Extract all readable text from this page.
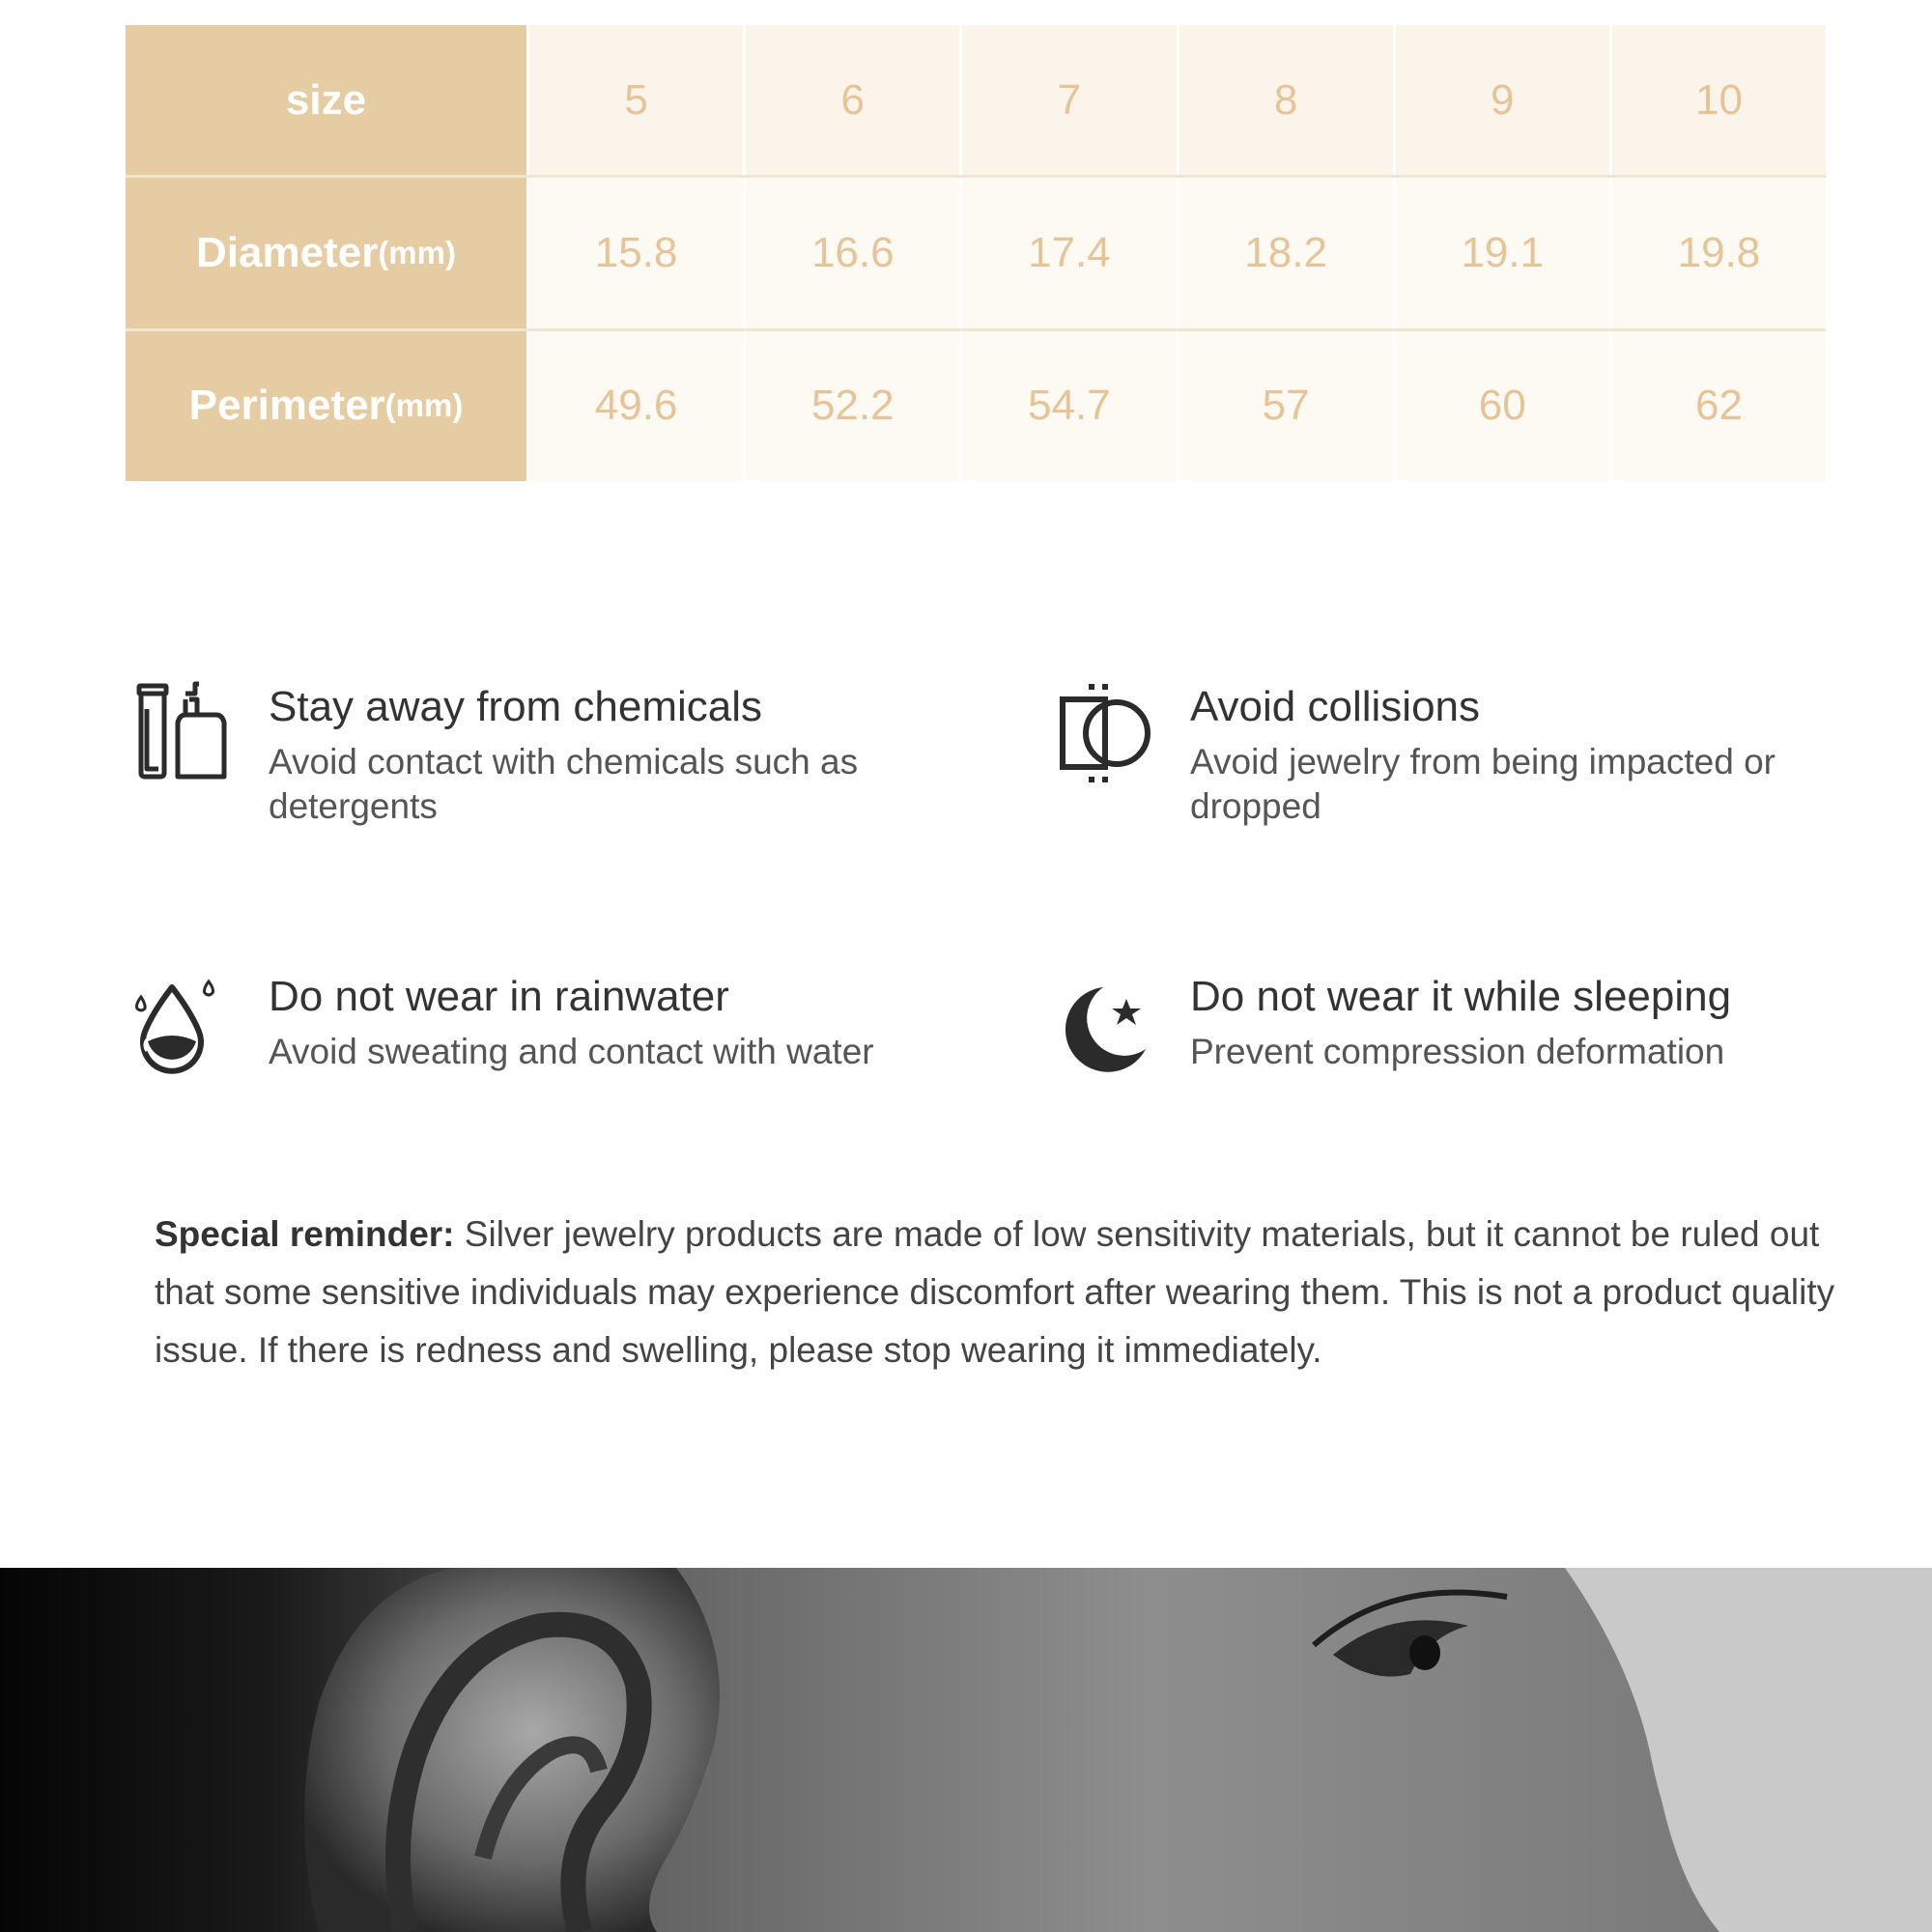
size	5	6	7	8	9	10
Diameter (mm)	15.8	16.6	17.4	18.2	19.1	19.8
Perimeter (mm)	49.6	52.2	54.7	57	60	62
Stay away from chemicals
Avoid contact with chemicals such as detergents
Avoid collisions
Avoid jewelry from being impacted or dropped
Do not wear in rainwater
Avoid sweating and contact with water
Do not wear it while sleeping
Prevent compression deformation
Special reminder: Silver jewelry products are made of low sensitivity materials, but it cannot be ruled out that some sensitive individuals may experience discomfort after wearing them. This is not a product quality issue. If there is redness and swelling, please stop wearing it immediately.
